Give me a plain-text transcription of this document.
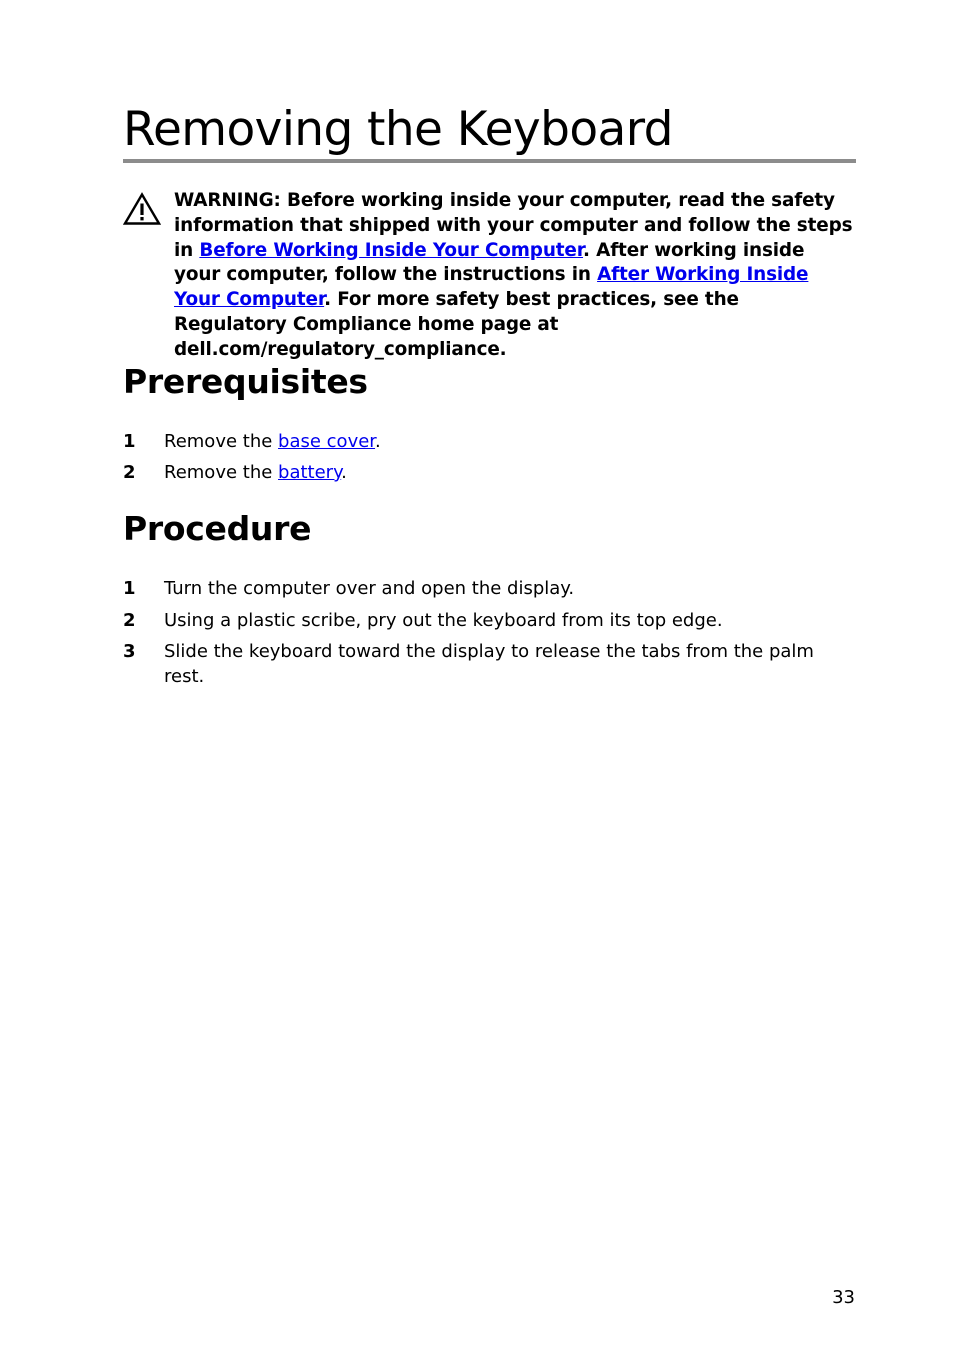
Removing the Keyboard

WARNING: Before working inside your computer, read the safety information that shipped with your computer and follow the steps in Before Working Inside Your Computer. After working inside your computer, follow the instructions in After Working Inside Your Computer. For more safety best practices, see the Regulatory Compliance home page at dell.com/regulatory_compliance.

Prerequisites
1 Remove the base cover.
2 Remove the battery.
Procedure
1 Turn the computer over and open the display.
2 Using a plastic scribe, pry out the keyboard from its top edge.
3 Slide the keyboard toward the display to release the tabs from the palm rest.
33
